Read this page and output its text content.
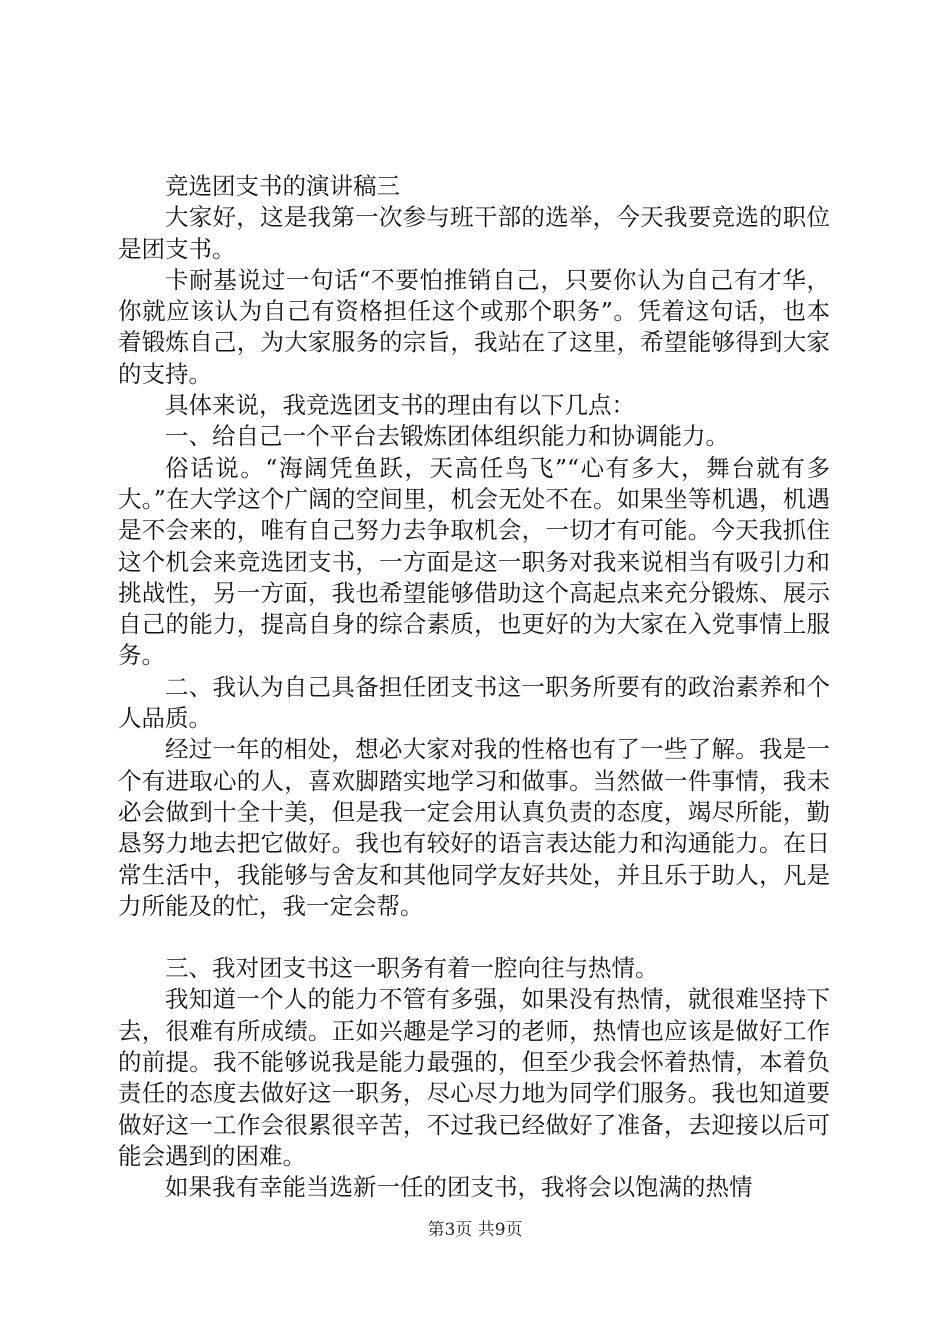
竞选团支书的演讲稿三

大家好，这是我第一次参与班干部的选举，今天我要竞选的职位是团支书。

卡耐基说过一句话“不要怕推销自己，只要你认为自己有才华，你就应该认为自己有资格担任这个或那个职务”。凭着这句话，也本着锻炼自己，为大家服务的宗旨，我站在了这里，希望能够得到大家的支持。

具体来说，我竞选团支书的理由有以下几点：

一、给自己一个平台去锻炼团体组织能力和协调能力。

俗话说。“海阔凭鱼跃，天高任鸟飞”“心有多大，舞台就有多大。”在大学这个广阔的空间里，机会无处不在。如果坐等机遇，机遇是不会来的，唯有自己努力去争取机会，一切才有可能。今天我抓住这个机会来竞选团支书，一方面是这一职务对我来说相当有吸引力和挑战性，另一方面，我也希望能够借助这个高起点来充分锻炼、展示自己的能力，提高自身的综合素质，也更好的为大家在入党事情上服务。

二、我认为自己具备担任团支书这一职务所要有的政治素养和个人品质。

经过一年的相处，想必大家对我的性格也有了一些了解。我是一个有进取心的人，喜欢脚踏实地学习和做事。当然做一件事情，我未必会做到十全十美，但是我一定会用认真负责的态度，竭尽所能，勤恳努力地去把它做好。我也有较好的语言表达能力和沟通能力。在日常生活中，我能够与舍友和其他同学友好共处，并且乐于助人，凡是力所能及的忙，我一定会帮。

三、我对团支书这一职务有着一腔向往与热情。

我知道一个人的能力不管有多强，如果没有热情，就很难坚持下去，很难有所成绩。正如兴趣是学习的老师，热情也应该是做好工作的前提。我不能够说我是能力最强的，但至少我会怀着热情，本着负责任的态度去做好这一职务，尽心尽力地为同学们服务。我也知道要做好这一工作会很累很辛苦，不过我已经做好了准备，去迎接以后可能会遇到的困难。

如果我有幸能当选新一任的团支书，我将会以饱满的热情

第3页 共9页
